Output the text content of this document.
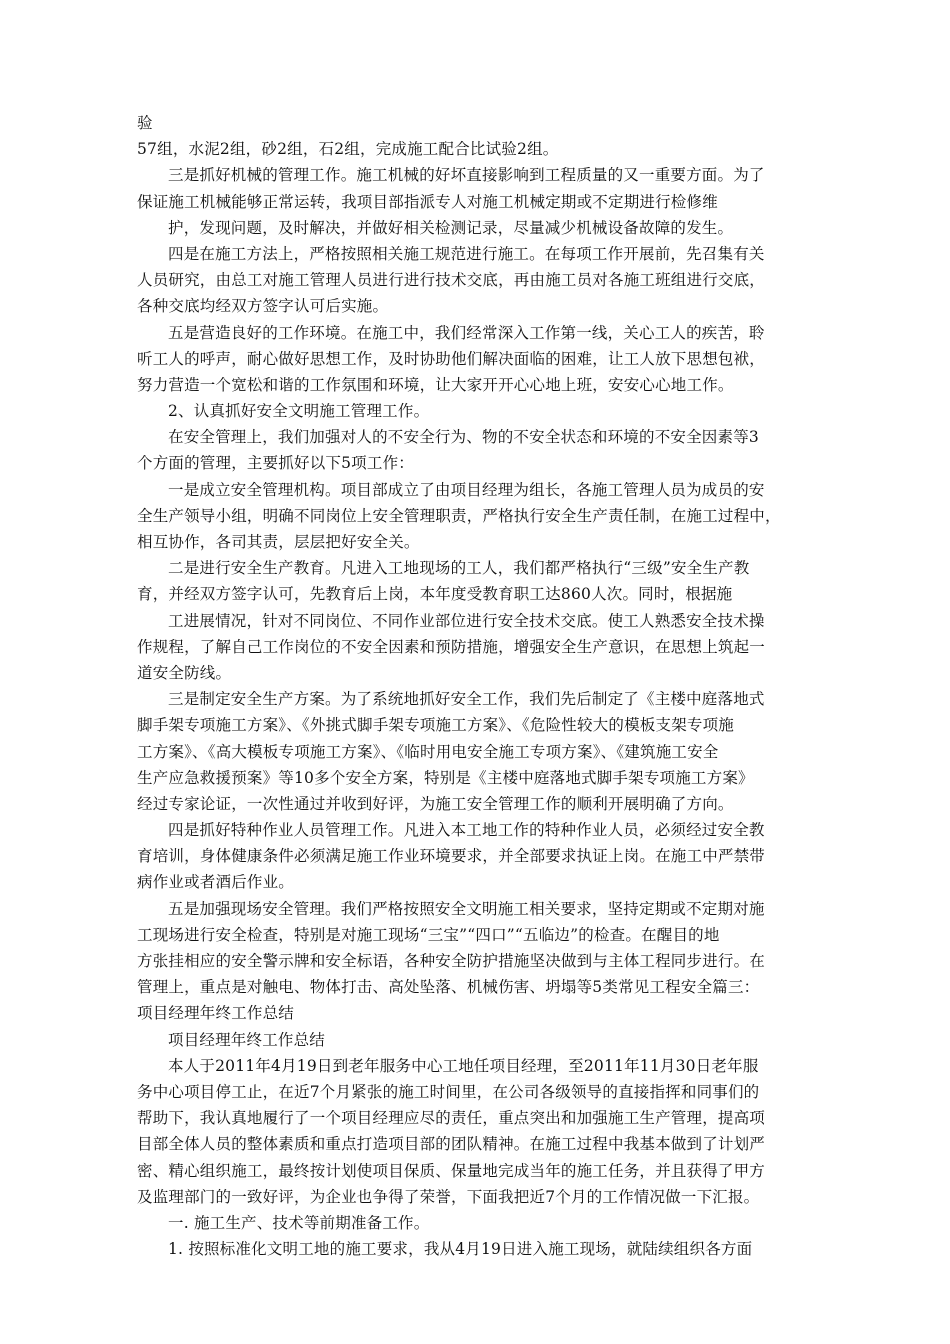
验
57组，水泥2组，砂2组，石2组，完成施工配合比试验2组。
三是抓好机械的管理工作。施工机械的好坏直接影响到工程质量的又一重要方面。为了
保证施工机械能够正常运转，我项目部指派专人对施工机械定期或不定期进行检修维
护，发现问题，及时解决，并做好相关检测记录，尽量减少机械设备故障的发生。
四是在施工方法上，严格按照相关施工规范进行施工。在每项工作开展前，先召集有关
人员研究，由总工对施工管理人员进行进行技术交底，再由施工员对各施工班组进行交底，
各种交底均经双方签字认可后实施。
五是营造良好的工作环境。在施工中，我们经常深入工作第一线，关心工人的疾苦，聆
听工人的呼声，耐心做好思想工作，及时协助他们解决面临的困难，让工人放下思想包袱，
努力营造一个宽松和谐的工作氛围和环境，让大家开开心心地上班，安安心心地工作。
2、认真抓好安全文明施工管理工作。
在安全管理上，我们加强对人的不安全行为、物的不安全状态和环境的不安全因素等3
个方面的管理，主要抓好以下5项工作：
一是成立安全管理机构。项目部成立了由项目经理为组长，各施工管理人员为成员的安
全生产领导小组，明确不同岗位上安全管理职责，严格执行安全生产责任制，在施工过程中，
相互协作，各司其责，层层把好安全关。
二是进行安全生产教育。凡进入工地现场的工人，我们都严格执行“三级”安全生产教
育，并经双方签字认可，先教育后上岗，本年度受教育职工达860人次。同时，根据施
工进展情况，针对不同岗位、不同作业部位进行安全技术交底。使工人熟悉安全技术操
作规程，了解自己工作岗位的不安全因素和预防措施，增强安全生产意识，在思想上筑起一
道安全防线。
三是制定安全生产方案。为了系统地抓好安全工作，我们先后制定了《主楼中庭落地式
脚手架专项施工方案》、《外挑式脚手架专项施工方案》、《危险性较大的模板支架专项施
工方案》、《高大模板专项施工方案》、《临时用电安全施工专项方案》、《建筑施工安全
生产应急救援预案》等10多个安全方案，特别是《主楼中庭落地式脚手架专项施工方案》
经过专家论证，一次性通过并收到好评，为施工安全管理工作的顺利开展明确了方向。
四是抓好特种作业人员管理工作。凡进入本工地工作的特种作业人员，必须经过安全教
育培训，身体健康条件必须满足施工作业环境要求，并全部要求执证上岗。在施工中严禁带
病作业或者酒后作业。
五是加强现场安全管理。我们严格按照安全文明施工相关要求，坚持定期或不定期对施
工现场进行安全检查，特别是对施工现场“三宝”“四口”“五临边”的检查。在醒目的地
方张挂相应的安全警示牌和安全标语，各种安全防护措施坚决做到与主体工程同步进行。在
管理上，重点是对触电、物体打击、高处坠落、机械伤害、坍塌等5类常见工程安全篇三：
项目经理年终工作总结
项目经理年终工作总结
本人于2011年4月19日到老年服务中心工地任项目经理，至2011年11月30日老年服
务中心项目停工止，在近7个月紧张的施工时间里，在公司各级领导的直接指挥和同事们的
帮助下，我认真地履行了一个项目经理应尽的责任，重点突出和加强施工生产管理，提高项
目部全体人员的整体素质和重点打造项目部的团队精神。在施工过程中我基本做到了计划严
密、精心组织施工，最终按计划使项目保质、保量地完成当年的施工任务，并且获得了甲方
及监理部门的一致好评，为企业也争得了荣誉，下面我把近7个月的工作情况做一下汇报。
一. 施工生产、技术等前期准备工作。
1. 按照标准化文明工地的施工要求，我从4月19日进入施工现场，就陆续组织各方面
